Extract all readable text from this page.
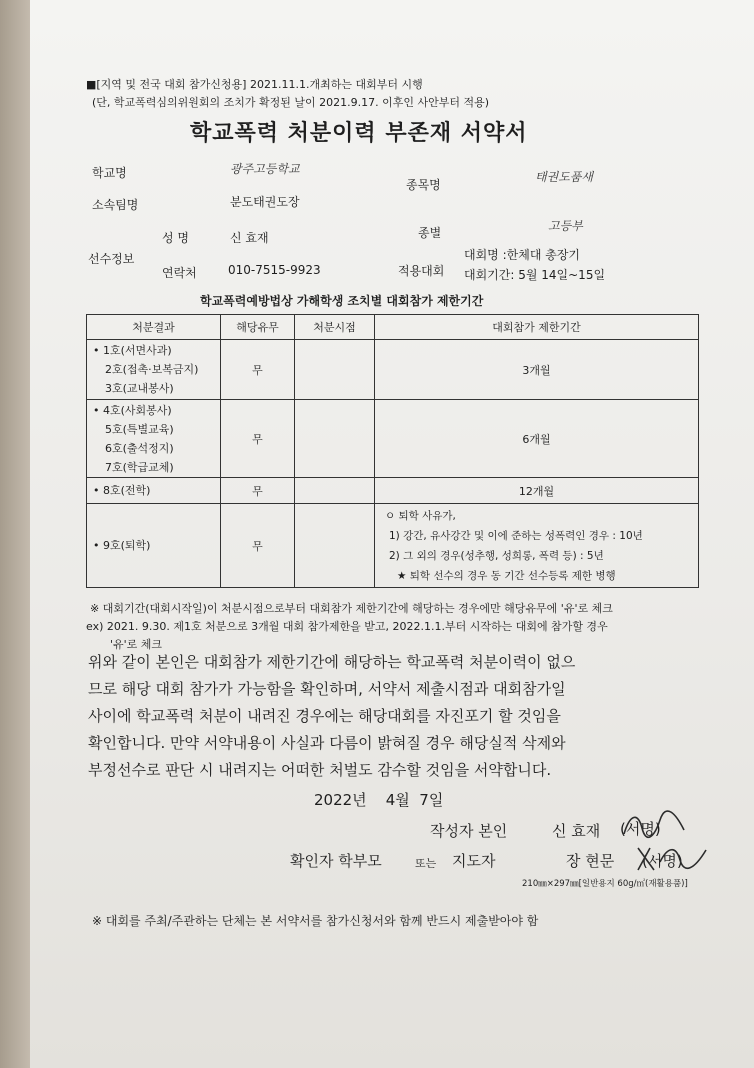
■[지역 및 전국 대회 참가신청용] 2021.11.1.개최하는 대회부터 시행
(단, 학교폭력심의위원회의 조치가 확정된 날이 2021.9.17. 이후인 사안부터 적용)
학교폭력 처분이력 부존재 서약서
학교명	광주고등학교
종목명
태권도품새
소속팀명	분도태권도장
선수정보
성 명	신 효재	종별	고등부
연락처	010-7515-9923	적용대회
대회명 :한체대 총장기
대회기간: 5월 14일~15일
학교폭력예방법상 가해학생 조치별 대회참가 제한기간
처분결과	해당유무	처분시점	대회참가 제한기간

• 1호(서면사과)
2호(접촉·보복금지)
3호(교내봉사)	무		3개월

• 4호(사회봉사)
5호(특별교육)
6호(출석정지)
7호(학급교체)	무		6개월

• 8호(전학)	무		12개월

• 9호(퇴학)	무		ㅇ 퇴학 사유가,
1) 강간, 유사강간 및 이에 준하는 성폭력인 경우 : 10년
2) 그 외의 경우(성추행, 성희롱, 폭력 등) : 5년
★ 퇴학 선수의 경우 동 기간 선수등록 제한 병행
※ 대회기간(대회시작일)이 처분시점으로부터 대회참가 제한기간에 해당하는 경우에만 해당유무에 '유'로 체크
ex) 2021. 9.30. 제1호 처분으로 3개월 대회 참가제한을 받고, 2022.1.1.부터 시작하는 대회에 참가할 경우
'유'로 체크
위와 같이 본인은 대회참가 제한기간에 해당하는 학교폭력 처분이력이 없으
므로 해당 대회 참가가 가능함을 확인하며, 서약서 제출시점과 대회참가일
사이에 학교폭력 처분이 내려진 경우에는 해당대회를 자진포기 할 것임을
확인합니다. 만약 서약내용이 사실과 다름이 밝혀질 경우 해당실적 삭제와
부정선수로 판단 시 내려지는 어떠한 처벌도 감수할 것임을 서약합니다.
2022년    4월  7일
작성자 본인	신 효재 (서명)
확인자 학부모	또는 지도자	장 현문 (서명)
210㎜×297㎜[일반용지 60g/㎡(재활용품)]
※ 대회를 주최/주관하는 단체는 본 서약서를 참가신청서와 함께 반드시 제출받아야 함
